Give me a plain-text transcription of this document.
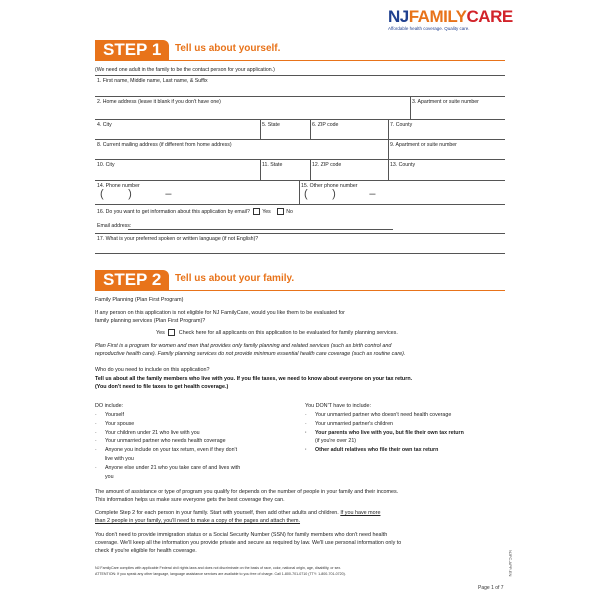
NJFAMILYCARE
Affordable health coverage. Quality care.
STEP 1	Tell us about yourself.
(We need one adult in the family to be the contact person for your application.)
1. First name, Middle name, Last name, & Suffix
2. Home address (leave it blank if you don't have one)	3. Apartment or suite number
4. City	5. State	6. ZIP code	7. County
8. Current mailing address (if different from home address)	9. Apartment or suite number
10. City	11. State	12. ZIP code	13. County
14. Phone number
(        )           –
15. Other phone number
(        )           –
16. Do you want to get information about this application by email? Yes	No
Email address:
17. What is your preferred spoken or written language (if not English)?
STEP 2	Tell us about your family.
Family Planning (Plan First Program)
If any person on this application is not eligible for NJ FamilyCare, would you like them to be evaluated for
family planning services (Plan First Program)?
Yes	Check here for all applicants on this application to be evaluated for family planning services.
Plan First is a program for women and men that provides only family planning and related services (such as birth control and
reproductive health care). Family planning services do not provide minimum essential health care coverage (such as routine care).
Who do you need to include on this application?
Tell us about all the family members who live with you. If you file taxes, we need to know about everyone on your tax return.
(You don't need to file taxes to get health coverage.)
DO include:
· Yourself
· Your spouse
· Your children under 21 who live with you
· Your unmarried partner who needs health coverage
· Anyone you include on your tax return, even if they don't
live with you
· Anyone else under 21 who you take care of and lives with
you
You DON'T have to include:
· Your unmarried partner who doesn't need health coverage
· Your unmarried partner's children
· Your parents who live with you, but file their own tax return
(if you're over 21)
· Other adult relatives who file their own tax return
The amount of assistance or type of program you qualify for depends on the number of people in your family and their incomes.
This information helps us make sure everyone gets the best coverage they can.
Complete Step 2 for each person in your family. Start with yourself, then add other adults and children. If you have more
than 2 people in your family, you'll need to make a copy of the pages and attach them.
You don't need to provide immigration status or a Social Security Number (SSN) for family members who don't need health
coverage. We'll keep all the information you provide private and secure as required by law. We'll use personal information only to
check if you're eligible for health coverage.
NJ FamilyCare complies with applicable Federal civil rights laws and does not discriminate on the basis of race, color, national origin, age, disability, or sex.
ATTENTION: If you speak any other language, language assistance services are available to you free of charge. Call 1-800-701-0710 (TTY: 1-800-701-0720).
Page 1 of 7
NJFC-APP-EN
